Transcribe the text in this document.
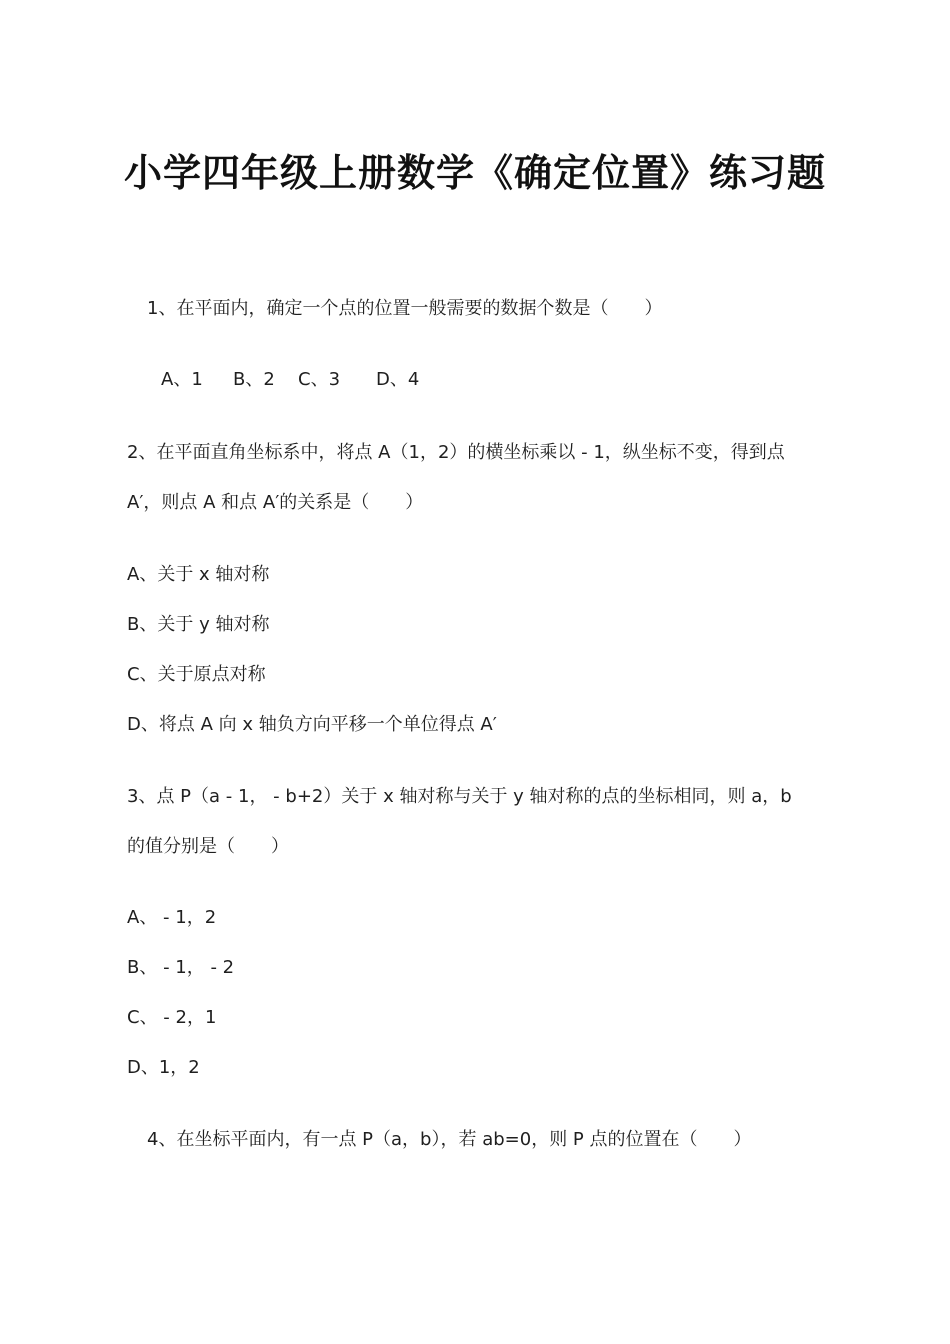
小学四年级上册数学《确定位置》练习题
1、在平面内，确定一个点的位置一般需要的数据个数是（　　）
A、1 B、2 C、3 D、4
2、在平面直角坐标系中，将点 A（1，2）的横坐标乘以 - 1，纵坐标不变，得到点
A′，则点 A 和点 A′的关系是（　　）
A、关于 x 轴对称
B、关于 y 轴对称
C、关于原点对称
D、将点 A 向 x 轴负方向平移一个单位得点 A′
3、点 P（a - 1， - b+2）关于 x 轴对称与关于 y 轴对称的点的坐标相同，则 a，b
的值分别是（　　）
A、 - 1，2
B、 - 1， - 2
C、 - 2，1
D、1，2
4、在坐标平面内，有一点 P（a，b），若 ab=0，则 P 点的位置在（　　）
